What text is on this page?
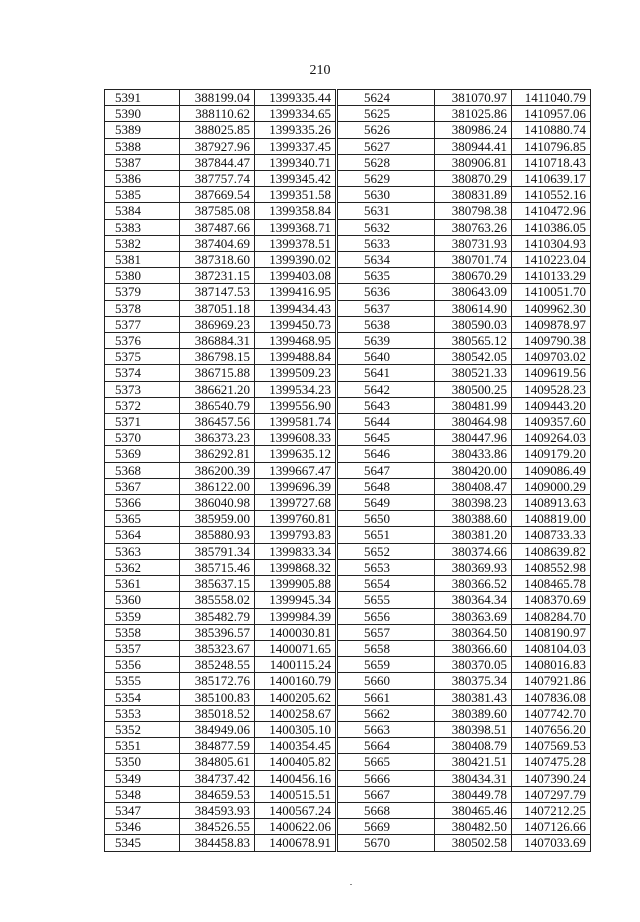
210
5391	388199.04	1399335.44		5624	381070.97	1411040.79
5390	388110.62	1399334.65		5625	381025.86	1410957.06
5389	388025.85	1399335.26		5626	380986.24	1410880.74
5388	387927.96	1399337.45		5627	380944.41	1410796.85
5387	387844.47	1399340.71		5628	380906.81	1410718.43
5386	387757.74	1399345.42		5629	380870.29	1410639.17
5385	387669.54	1399351.58		5630	380831.89	1410552.16
5384	387585.08	1399358.84		5631	380798.38	1410472.96
5383	387487.66	1399368.71		5632	380763.26	1410386.05
5382	387404.69	1399378.51		5633	380731.93	1410304.93
5381	387318.60	1399390.02		5634	380701.74	1410223.04
5380	387231.15	1399403.08		5635	380670.29	1410133.29
5379	387147.53	1399416.95		5636	380643.09	1410051.70
5378	387051.18	1399434.43		5637	380614.90	1409962.30
5377	386969.23	1399450.73		5638	380590.03	1409878.97
5376	386884.31	1399468.95		5639	380565.12	1409790.38
5375	386798.15	1399488.84		5640	380542.05	1409703.02
5374	386715.88	1399509.23		5641	380521.33	1409619.56
5373	386621.20	1399534.23		5642	380500.25	1409528.23
5372	386540.79	1399556.90		5643	380481.99	1409443.20
5371	386457.56	1399581.74		5644	380464.98	1409357.60
5370	386373.23	1399608.33		5645	380447.96	1409264.03
5369	386292.81	1399635.12		5646	380433.86	1409179.20
5368	386200.39	1399667.47		5647	380420.00	1409086.49
5367	386122.00	1399696.39		5648	380408.47	1409000.29
5366	386040.98	1399727.68		5649	380398.23	1408913.63
5365	385959.00	1399760.81		5650	380388.60	1408819.00
5364	385880.93	1399793.83		5651	380381.20	1408733.33
5363	385791.34	1399833.34		5652	380374.66	1408639.82
5362	385715.46	1399868.32		5653	380369.93	1408552.98
5361	385637.15	1399905.88		5654	380366.52	1408465.78
5360	385558.02	1399945.34		5655	380364.34	1408370.69
5359	385482.79	1399984.39		5656	380363.69	1408284.70
5358	385396.57	1400030.81		5657	380364.50	1408190.97
5357	385323.67	1400071.65		5658	380366.60	1408104.03
5356	385248.55	1400115.24		5659	380370.05	1408016.83
5355	385172.76	1400160.79		5660	380375.34	1407921.86
5354	385100.83	1400205.62		5661	380381.43	1407836.08
5353	385018.52	1400258.67		5662	380389.60	1407742.70
5352	384949.06	1400305.10		5663	380398.51	1407656.20
5351	384877.59	1400354.45		5664	380408.79	1407569.53
5350	384805.61	1400405.82		5665	380421.51	1407475.28
5349	384737.42	1400456.16		5666	380434.31	1407390.24
5348	384659.53	1400515.51		5667	380449.78	1407297.79
5347	384593.93	1400567.24		5668	380465.46	1407212.25
5346	384526.55	1400622.06		5669	380482.50	1407126.66
5345	384458.83	1400678.91		5670	380502.58	1407033.69
